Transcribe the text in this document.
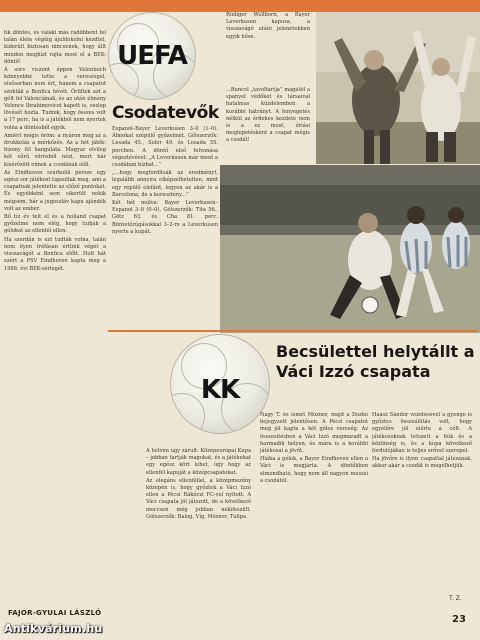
tik döntés, és valaki más rádöbbent fel talán élete végéig ájuldokolni kezdtel, kiderült biztosan nincsenek, hogy állt minden meghízt rajta most el a BEK-döntő!

A sors viszont éppen Velenbuch könnyebbé tette a veresésgel, elsősorban nem ért, hanem a csapatot szokták a Benfica hévét. Őrültek azt a gólt fel Valenciának, és az után élmény Velence Ibrahimovicot kapott is, oszlop lövését hozta. Tudnik, hogy összes volt a 17 perc, ha is a játékból nem nyertek volna a döntésből egyik.

Amiért mégis öröm: a nyáron meg az a drukkolás a mérkőzés. Az a hét játék: bizony fél hangulata. Magyar elvileg két sűrű vörösből nézi, mert bár kísérőzött ennek a csodának elől.

Az Eindhoven szurkolói persze egy egész sor játékost tapsoltak meg, ami a csapatnak jelentette az előző pontokat. És egyébként sem sikerült nekik mégsem, bár a jugoszláv kapu ajándék volt az ember.

Bő tíz év telt el és a holland csapat győzelme nem elég, hogy tudják a gólokat az ellenfél ellen.

Ha szerdán is ezt tudták volna, talán nem ilyen tréfásan értünk véget a visszavágót a Benfica előtt. Holt hát ezért a PSV Eindhoven kapta meg a 1988. évi BEK-serlegét.

FAJOR-GYULAI LÁSZLÓ
UEFA
Csodatevők

Espanol–Bayer Leverkusen 3–0 (1–0). Álmokat szépülő győzelmét. Gólszerzők: Losada 45., Soler 49. és Losada 55. percben. A döntő első felvonása végeztévével: „A Leverkusen már ment a csodában bízhat...”

„...hogy megfordítsák az eredményt, legalább annyira elképzelhetetlen, mint egy repülő elefánt, legyen az akár is a Barcelona, de a keresztény...”

Két hét múlva: Bayer Leverkusen–Espanol 3–0 (0–0). Gólszerzők: Tita 56., Götz 63. és Cha 81. perc. Büntetőrúgásokkal 3–2-re a Leverkusen nyerte a kupát.

Rüdiger Wollborn, a Bayer Leverkusen kapusa, a visszavágó utáni jelenetekben egyik hőse.

...Buncol „távoltartja” magától a spanyol védőket és társaival hatalmas küzdelemben a korábbi hátrányt. A fenyegetés nélkül az érdekes kezdete nem is a ez most, óriási meglepetésként a csapat mégis a csodát!

KK
Becsülettel helytállt a Váci Izzó csapata

A hétvén úgy zárult: Középeurópai Kupa – jobban tartják magukat, és a játékukat egy egész kört lehet, úgy hogy az ellenfél kapuját a középcsapatokat.

Az elegáns ellenféllel, a középmezőny közepén is, hogy győztek a Váci Izzó ellen a Pécsi Rákóczi FC-vel nyitott. A Váci csapata jól játszott, de a következő meccsen még jobban nekifeszült. Gólszerzők: Balog, Víg, Mózner, Tulipa.

Nagy T. és ismét Mózner, majd a Dozkó bejegyzett jelentősen. A Pécsi csapatot meg jól kapta a két gólos vereség. Az összesítésben a Váci Izzó megmaradt a harmadik helyen, és mára is a korábbi játékosai a jövőt.

Hiába a gólok, a Bayer Eindhoven ellen a Váci is megjárta. A döntőkben elmondható, hogy nem áll nagyon messzi a csodától.

Haász Sándor vezetésével a gyenge is győztes összeállítás volt, hogy egyelőre jól elérte a célt. A játékosoknak tetszett a fiúk és a közönség is, és a kupa következő fordulójában is teljes erővel szerepel.

Ha jövőre is ilyen csapattal játszanak, akkor akár a csodát is megélhetjük.

T. Z.
23
Antikvárium.hu
